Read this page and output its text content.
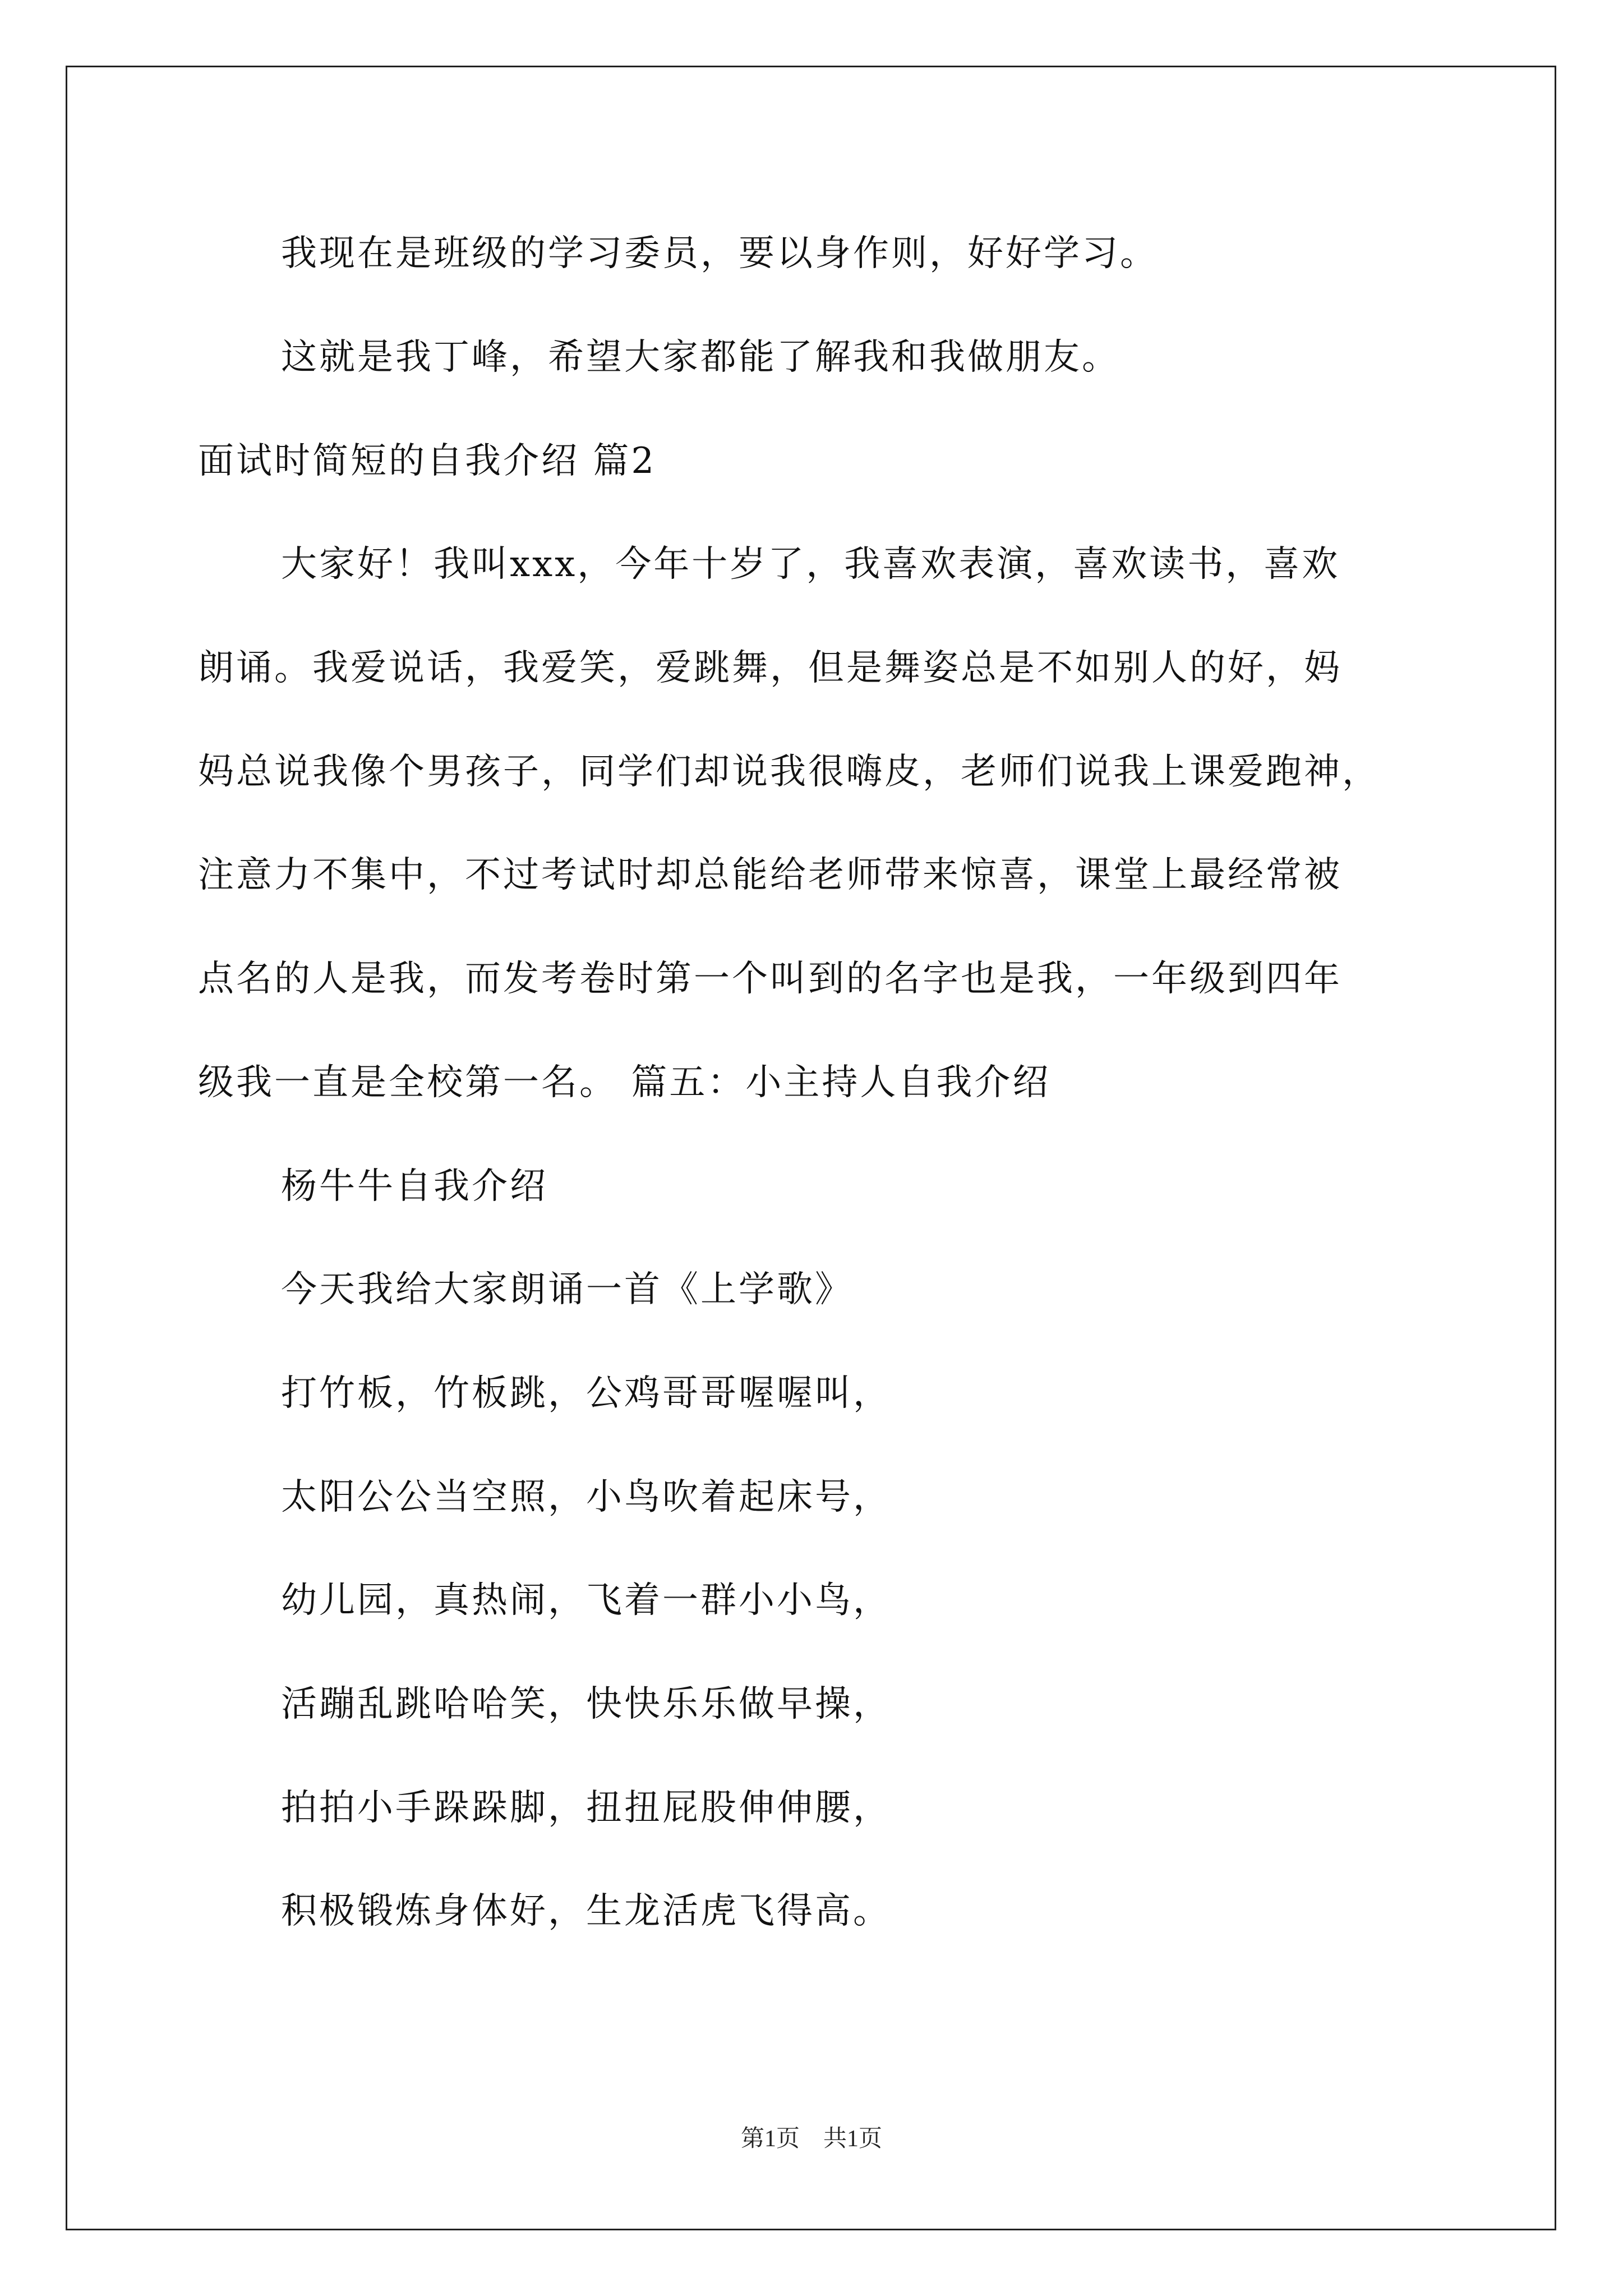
我现在是班级的学习委员，要以身作则，好好学习。
这就是我丁峰，希望大家都能了解我和我做朋友。
面试时简短的自我介绍 篇2
大家好！我叫xxx，今年十岁了，我喜欢表演，喜欢读书，喜欢
朗诵。我爱说话，我爱笑，爱跳舞，但是舞姿总是不如别人的好，妈
妈总说我像个男孩子，同学们却说我很嗨皮，老师们说我上课爱跑神，
注意力不集中，不过考试时却总能给老师带来惊喜，课堂上最经常被
点名的人是我，而发考卷时第一个叫到的名字也是我，一年级到四年
级我一直是全校第一名。 篇五：小主持人自我介绍
杨牛牛自我介绍
今天我给大家朗诵一首《上学歌》
打竹板，竹板跳，公鸡哥哥喔喔叫，
太阳公公当空照，小鸟吹着起床号，
幼儿园，真热闹，飞着一群小小鸟，
活蹦乱跳哈哈笑，快快乐乐做早操，
拍拍小手跺跺脚，扭扭屁股伸伸腰，
积极锻炼身体好，生龙活虎飞得高。
第1页　共1页
